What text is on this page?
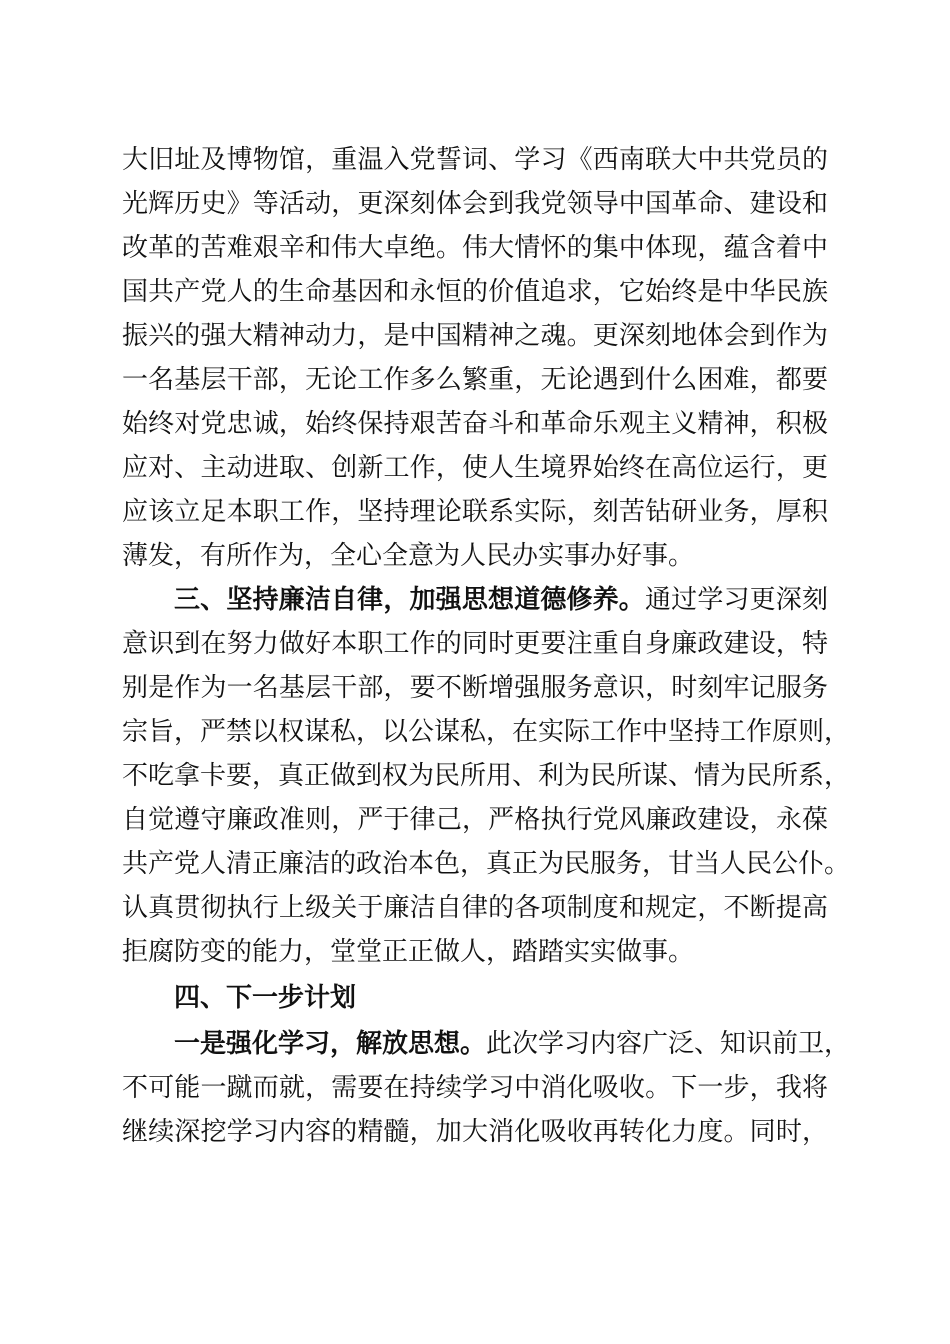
大旧址及博物馆，重温入党誓词、学习《西南联大中共党员的
光辉历史》等活动，更深刻体会到我党领导中国革命、建设和
改革的苦难艰辛和伟大卓绝。伟大情怀的集中体现，蕴含着中
国共产党人的生命基因和永恒的价值追求，它始终是中华民族
振兴的强大精神动力，是中国精神之魂。更深刻地体会到作为
一名基层干部，无论工作多么繁重，无论遇到什么困难，都要
始终对党忠诚，始终保持艰苦奋斗和革命乐观主义精神，积极
应对、主动进取、创新工作，使人生境界始终在高位运行，更
应该立足本职工作，坚持理论联系实际，刻苦钻研业务，厚积
薄发，有所作为，全心全意为人民办实事办好事。
三、坚持廉洁自律，加强思想道德修养。通过学习更深刻
意识到在努力做好本职工作的同时更要注重自身廉政建设，特
别是作为一名基层干部，要不断增强服务意识，时刻牢记服务
宗旨，严禁以权谋私，以公谋私，在实际工作中坚持工作原则，
不吃拿卡要，真正做到权为民所用、利为民所谋、情为民所系，
自觉遵守廉政准则，严于律己，严格执行党风廉政建设，永葆
共产党人清正廉洁的政治本色，真正为民服务，甘当人民公仆。
认真贯彻执行上级关于廉洁自律的各项制度和规定，不断提高
拒腐防变的能力，堂堂正正做人，踏踏实实做事。
四、下一步计划
一是强化学习，解放思想。此次学习内容广泛、知识前卫，
不可能一蹴而就，需要在持续学习中消化吸收。下一步，我将
继续深挖学习内容的精髓，加大消化吸收再转化力度。同时，
